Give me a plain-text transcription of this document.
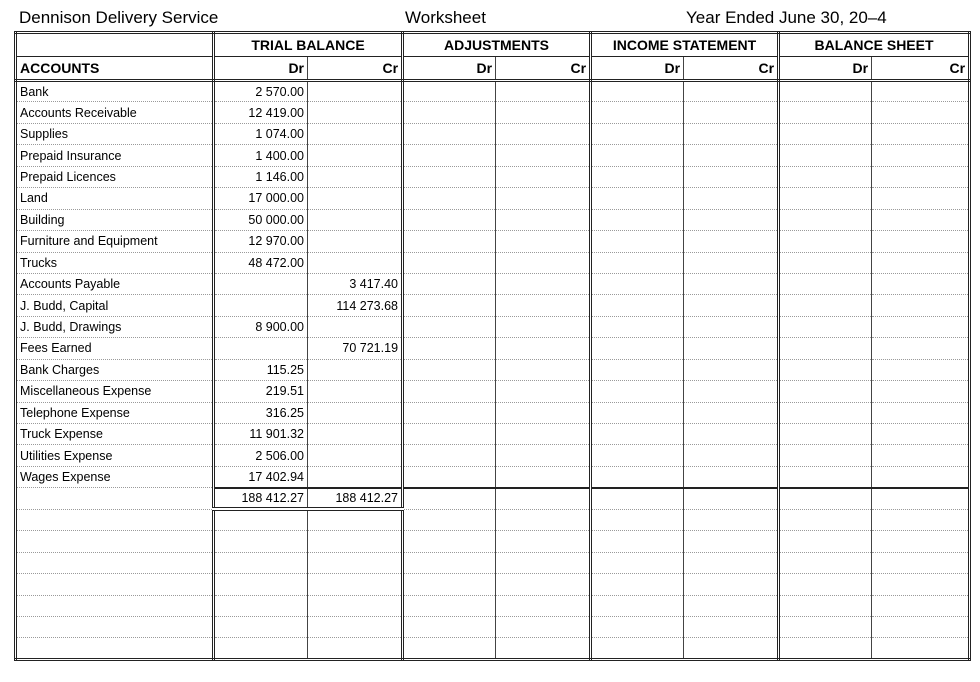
Dennison Delivery Service	Worksheet	Year Ended June 30, 20–4
	TRIAL BALANCE		ADJUSTMENTS		INCOME STATEMENT		BALANCE SHEET	
ACCOUNTS	Dr	Cr	Dr	Cr	Dr	Cr	Dr	Cr
Bank	2 570.00							
Accounts Receivable	12 419.00							
Supplies	1 074.00							
Prepaid Insurance	1 400.00							
Prepaid Licences	1 146.00							
Land	17 000.00							
Building	50 000.00							
Furniture and Equipment	12 970.00							
Trucks	48 472.00							
Accounts Payable		3 417.40						
J. Budd, Capital		114 273.68						
J. Budd, Drawings	8 900.00							
Fees Earned		70 721.19						
Bank Charges	115.25							
Miscellaneous Expense	219.51							
Telephone Expense	316.25							
Truck Expense	11 901.32							
Utilities Expense	2 506.00							
Wages Expense	17 402.94							
	188 412.27	188 412.27						
